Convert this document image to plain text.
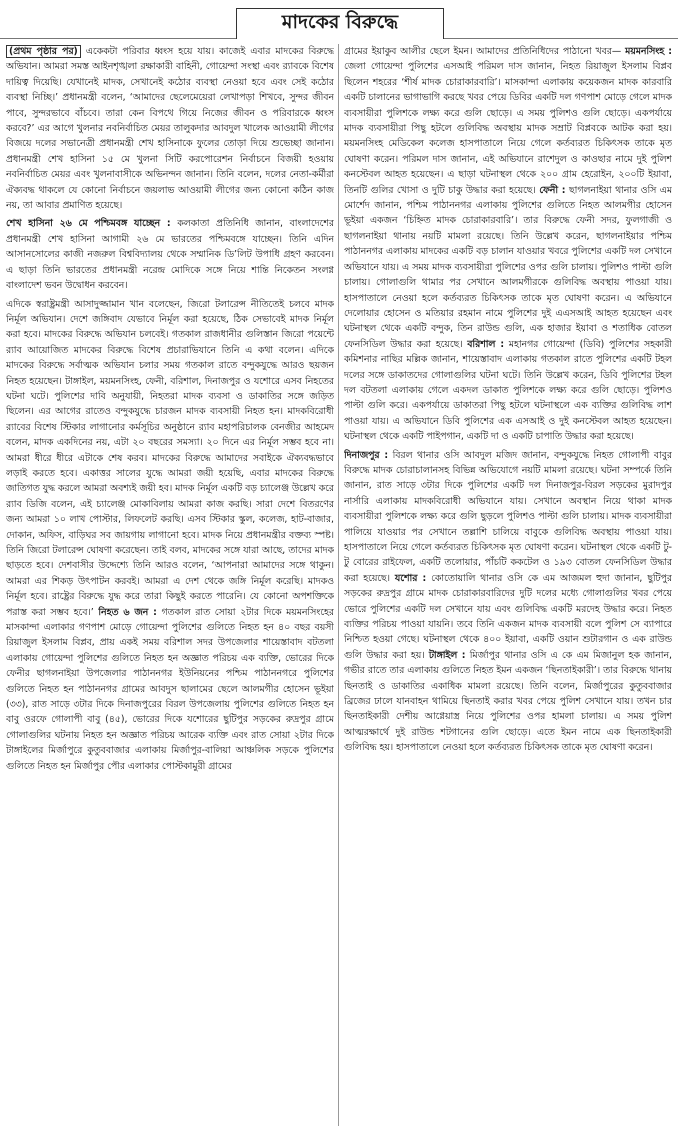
মাদকের বিরুদ্ধে

(প্রথম পৃষ্ঠার পর) একেকটা পরিবার ধ্বংস হয়ে যায়। কাজেই এবার মাদকের বিরুদ্ধে অভিযান। আমরা সমস্ত আইনশৃঙ্খলা রক্ষাকারী বাহিনী, গোয়েন্দা সংস্থা এবং র‍্যাবকে বিশেষ দায়িত্ব দিয়েছি। যেখানেই মাদক, সেখানেই কঠোর ব্যবস্থা নেওয়া হবে এবং সেই কঠোর ব্যবস্থা নিচ্ছি।’ প্রধানমন্ত্রী বলেন, ‘আমাদের ছেলেমেয়েরা লেখাপড়া শিখবে, সুন্দর জীবন পাবে, সুন্দরভাবে বাঁচবে। তারা কেন বিপথে গিয়ে নিজের জীবন ও পরিবারকে ধ্বংস করবে?’ এর আগে খুলনার নবনির্বাচিত মেয়র তালুকদার আবদুল খালেক আওয়ামী লীগের বিজয়ে দলের সভানেত্রী প্রধানমন্ত্রী শেখ হাসিনাকে ফুলের তোড়া দিয়ে শুভেচ্ছা জানান। প্রধানমন্ত্রী শেখ হাসিনা ১৫ মে খুলনা সিটি করপোরেশন নির্বাচনে বিজয়ী হওয়ায় নবনির্বাচিত মেয়র এবং খুলনাবাসীকে অভিনন্দন জানান। তিনি বলেন, দলের নেতা-কর্মীরা ঐক্যবদ্ধ থাকলে যে কোনো নির্বাচনে জয়লাভ আওয়ামী লীগের জন্য কোনো কঠিন কাজ নয়, তা আবার প্রমাণিত হয়েছে।

শেখ হাসিনা ২৬ মে পশ্চিমবঙ্গ যাচ্ছেন : কলকাতা প্রতিনিধি জানান, বাংলাদেশের প্রধানমন্ত্রী শেখ হাসিনা আগামী ২৬ মে ভারতের পশ্চিমবঙ্গে যাচ্ছেন। তিনি এদিন আসানসোলের কাজী নজরুল বিশ্ববিদ্যালয় থেকে সম্মানিক ডি’লিট উপাধি গ্রহণ করবেন। এ ছাড়া তিনি ভারতের প্রধানমন্ত্রী নরেন্দ্র মোদিকে সঙ্গে নিয়ে শান্তি নিকেতন সংলগ্ন বাংলাদেশ ভবন উদ্বোধন করবেন।

এদিকে স্বরাষ্ট্রমন্ত্রী আসাদুজ্জামান খান বলেছেন, জিরো টলারেন্স নীতিতেই চলবে মাদক নির্মূল অভিযান। দেশে জঙ্গিবাদ যেভাবে নির্মূল করা হয়েছে, ঠিক সেভাবেই মাদক নির্মূল করা হবে। মাদকের বিরুদ্ধে অভিযান চলবেই। গতকাল রাজধানীর গুলিস্তান জিরো পয়েন্টে র‍্যাব আয়োজিত মাদকের বিরুদ্ধে বিশেষ প্রচারাভিযানে তিনি এ কথা বলেন। এদিকে মাদকের বিরুদ্ধে সর্বাত্মক অভিযান চলার সময় গতকাল রাতে বন্দুকযুদ্ধে আরও ছয়জন নিহত হয়েছেন। টাঙ্গাইল, ময়মনসিংহ, ফেনী, বরিশাল, দিনাজপুর ও যশোরে এসব নিহতের ঘটনা ঘটে। পুলিশের দাবি অনুযায়ী, নিহতরা মাদক ব্যবসা ও ডাকাতির সঙ্গে জড়িত ছিলেন। এর আগের রাতেও বন্দুকযুদ্ধে চারজন মাদক ব্যবসায়ী নিহত হন। মাদকবিরোধী র‍্যাবের বিশেষ স্টিকার লাগানোর কর্মসূচির অনুষ্ঠানে র‍্যাব মহাপরিচালক বেনজীর আহমেদ বলেন, মাদক একদিনের নয়, এটা ২০ বছরের সমস্যা। ২০ দিনে এর নির্মূল সম্ভব হবে না। আমরা ধীরে ধীরে এটাকে শেষ করব। মাদকের বিরুদ্ধে আমাদের সবাইকে ঐক্যবদ্ধভাবে লড়াই করতে হবে। একাত্তর সালের যুদ্ধে আমরা জয়ী হয়েছি, এবার মাদকের বিরুদ্ধে জাতিগত যুদ্ধ করলে আমরা অবশ্যই জয়ী হব। মাদক নির্মূল একটি বড় চ্যালেঞ্জ উল্লেখ করে র‍্যাব ডিজি বলেন, এই চ্যালেঞ্জ মোকাবিলায় আমরা কাজ করছি। সারা দেশে বিতরণের জন্য আমরা ১০ লাখ পোস্টার, লিফলেট করছি। এসব স্টিকার স্কুল, কলেজ, হাট-বাজার, দোকান, অফিস, বাড়িঘর সব জায়গায় লাগানো হবে। মাদক নিয়ে প্রধানমন্ত্রীর বক্তব্য স্পষ্ট। তিনি জিরো টলারেন্স ঘোষণা করেছেন। তাই বলব, মাদকের সঙ্গে যারা আছে, তাদের মাদক ছাড়তে হবে। দেশবাসীর উদ্দেশ্যে তিনি আরও বলেন, ‘আপনারা আমাদের সঙ্গে থাকুন। আমরা এর শিকড় উৎপাটন করবই। আমরা এ দেশ থেকে জঙ্গি নির্মূল করেছি। মাদকও নির্মূল হবে। রাষ্ট্রের বিরুদ্ধে যুদ্ধ করে তারা কিছুই করতে পারেনি। যে কোনো অপশক্তিকে পরাস্ত করা সম্ভব হবে।’ নিহত ৬ জন : গতকাল রাত সোয়া ২টার দিকে ময়মনসিংহের মাসকান্দা এলাকার গণপাশ মোড়ে গোয়েন্দা পুলিশের গুলিতে নিহত হন ৪০ বছর বয়সী রিয়াজুল ইসলাম বিপ্লব, প্রায় একই সময় বরিশাল সদর উপজেলার শায়েস্তাবাদ বটতলা এলাকায় গোয়েন্দা পুলিশের গুলিতে নিহত হন অজ্ঞাত পরিচয় এক ব্যক্তি, ভোরের দিকে ফেনীর ছাগলনাইয়া উপজেলার পাঠাননগর ইউনিয়নের পশ্চিম পাঠাননগরে পুলিশের গুলিতে নিহত হন পাঠাননগর গ্রামের আবদুস ছালামের ছেলে আলমগীর হোসেন ভূইয়া (৩৩), রাত সাড়ে ৩টার দিকে দিনাজপুরের বিরল উপজেলায় পুলিশের গুলিতে নিহত হন বাবু ওরফে গোলাপী বাবু (৪৫), ভোরের দিকে যশোরের ছুটিপুর সড়কের রুদ্রপুর গ্রামে গোলাগুলির ঘটনায় নিহত হন অজ্ঞাত পরিচয় আরেক ব্যক্তি এবং রাত সোয়া ২টার দিকে টাঙ্গাইলের মির্জাপুরে কুতুববাজার এলাকায় মির্জাপুর-বালিয়া আঞ্চলিক সড়কে পুলিশের গুলিতে নিহত হন মির্জাপুর পৌর এলাকার পোস্টকামুরী গ্রামের

গ্রামের ইয়াকুব আলীর ছেলে ইমন। আমাদের প্রতিনিধিদের পাঠানো খবর— ময়মনসিংহ : জেলা গোয়েন্দা পুলিশের এসআই পরিমল দাস জানান, নিহত রিয়াজুল ইসলাম বিপ্লব ছিলেন শহরের ‘শীর্ষ মাদক চোরাকারবারি’। মাসকান্দা এলাকায় কয়েকজন মাদক কারবারি একটি চালানের ভাগাভাগি করছে খবর পেয়ে ডিবির একটি দল গণপাশ মোড়ে গেলে মাদক ব্যবসায়ীরা পুলিশকে লক্ষ্য করে গুলি ছোড়ে। এ সময় পুলিশও গুলি ছোড়ে। একপর্যায়ে মাদক ব্যবসায়ীরা পিছু হটলে গুলিবিদ্ধ অবস্থায় মাদক সম্রাট বিপ্লবকে আটক করা হয়। ময়মনসিংহ মেডিকেল কলেজ হাসপাতালে নিয়ে গেলে কর্তব্যরত চিকিৎসক তাকে মৃত ঘোষণা করেন। পরিমল দাস জানান, এই অভিযানে রাশেদুল ও কাওছার নামে দুই পুলিশ কনস্টেবল আহত হয়েছেন। এ ছাড়া ঘটনাস্থল থেকে ২০০ গ্রাম হেরোইন, ২০০টি ইয়াবা, তিনটি গুলির খোসা ও দুটি চাকু উদ্ধার করা হয়েছে। ফেনী : ছাগলনাইয়া থানার ওসি এম মোর্শেদ জানান, পশ্চিম পাঠাননগর এলাকায় পুলিশের গুলিতে নিহত আলমগীর হোসেন ভূইয়া একজন ‘চিহ্নিত মাদক চোরাকারবারি’। তার বিরুদ্ধে ফেনী সদর, ফুলগাজী ও ছাগলনাইয়া থানায় নয়টি মামলা রয়েছে। তিনি উল্লেখ করেন, ছাগলনাইয়ার পশ্চিম পাঠাননগর এলাকায় মাদকের একটি বড় চালান যাওয়ার খবরে পুলিশের একটি দল সেখানে অভিযানে যায়। এ সময় মাদক ব্যবসায়ীরা পুলিশের ওপর গুলি চালায়। পুলিশও পাল্টা গুলি চালায়। গোলাগুলি থামার পর সেখানে আলমগীরকে গুলিবিদ্ধ অবস্থায় পাওয়া যায়। হাসপাতালে নেওয়া হলে কর্তব্যরত চিকিৎসক তাকে মৃত ঘোষণা করেন। এ অভিযানে দেলোয়ার হোসেন ও মতিয়ার রহমান নামে পুলিশের দুই এএসআই আহত হয়েছেন এবং ঘটনাস্থল থেকে একটি বন্দুক, তিন রাউন্ড গুলি, এক হাজার ইয়াবা ও শতাধিক বোতল ফেনসিডিল উদ্ধার করা হয়েছে। বরিশাল : মহানগর গোয়েন্দা (ডিবি) পুলিশের সহকারী কমিশনার নাছির মল্লিক জানান, শায়েস্তাবাদ এলাকায় গতকাল রাতে পুলিশের একটি টহল দলের সঙ্গে ডাকাতদের গোলাগুলির ঘটনা ঘটে। তিনি উল্লেখ করেন, ডিবি পুলিশের টহল দল বটতলা এলাকায় গেলে একদল ডাকাত পুলিশকে লক্ষ্য করে গুলি ছোড়ে। পুলিশও পাল্টা গুলি করে। একপর্যায়ে ডাকাতরা পিছু হটলে ঘটনাস্থলে এক ব্যক্তির গুলিবিদ্ধ লাশ পাওয়া যায়। এ অভিযানে ডিবি পুলিশের এক এসআই ও দুই কনস্টেবল আহত হয়েছেন। ঘটনাস্থল থেকে একটি পাইপগান, একটি দা ও একটি চাপাতি উদ্ধার করা হয়েছে।

দিনাজপুর : বিরল থানার ওসি আবদুল মজিদ জানান, বন্দুকযুদ্ধে নিহত গোলাপী বাবুর বিরুদ্ধে মাদক চোরাচালানসহ বিভিন্ন অভিযোগে নয়টি মামলা রয়েছে। ঘটনা সম্পর্কে তিনি জানান, রাত সাড়ে ৩টার দিকে পুলিশের একটি দল দিনাজপুর-বিরল সড়কের মুরাদপুর নার্সারি এলাকায় মাদকবিরোধী অভিযানে যায়। সেখানে অবস্থান নিয়ে থাকা মাদক ব্যবসায়ীরা পুলিশকে লক্ষ্য করে গুলি ছুড়লে পুলিশও পাল্টা গুলি চালায়। মাদক ব্যবসায়ীরা পালিয়ে যাওয়ার পর সেখানে তল্লাশি চালিয়ে বাবুকে গুলিবিদ্ধ অবস্থায় পাওয়া যায়। হাসপাতালে নিয়ে গেলে কর্তব্যরত চিকিৎসক মৃত ঘোষণা করেন। ঘটনাস্থল থেকে একটি টু-টু বোরের রাইফেল, একটি তলোয়ার, পাঁচটি ককটেল ও ১৯৩ বোতল ফেনসিডিল উদ্ধার করা হয়েছে। যশোর : কোতোয়ালি থানার ওসি কে এম আজমল হুদা জানান, ছুটিপুর সড়কের রুদ্রপুর গ্রামে মাদক চোরাকারবারিদের দুটি দলের মধ্যে গোলাগুলির খবর পেয়ে ভোরে পুলিশের একটি দল সেখানে যায় এবং গুলিবিদ্ধ একটি মরদেহ উদ্ধার করে। নিহত ব্যক্তির পরিচয় পাওয়া যায়নি। তবে তিনি একজন মাদক ব্যবসায়ী বলে পুলিশ সে ব্যাপারে নিশ্চিত হওয়া গেছে। ঘটনাস্থল থেকে ৪০০ ইয়াবা, একটি ওয়ান শুটারগান ও এক রাউন্ড গুলি উদ্ধার করা হয়। টাঙ্গাইল : মির্জাপুর থানার ওসি এ কে এম মিজানুল হক জানান, গভীর রাতে তার এলাকায় গুলিতে নিহত ইমন একজন ‘ছিনতাইকারী’। তার বিরুদ্ধে থানায় ছিনতাই ও ডাকাতির একাধিক মামলা রয়েছে। তিনি বলেন, মির্জাপুরের কুতুববাজার ব্রিজের ঢালে যানবাহন থামিয়ে ছিনতাই করার খবর পেয়ে পুলিশ সেখানে যায়। তখন চার ছিনতাইকারী দেশীয় আগ্নেয়াস্ত্র নিয়ে পুলিশের ওপর হামলা চালায়। এ সময় পুলিশ আত্মরক্ষার্থে দুই রাউন্ড শটগানের গুলি ছোড়ে। এতে ইমন নামে এক ছিনতাইকারী গুলিবিদ্ধ হয়। হাসপাতালে নেওয়া হলে কর্তব্যরত চিকিৎসক তাকে মৃত ঘোষণা করেন।
